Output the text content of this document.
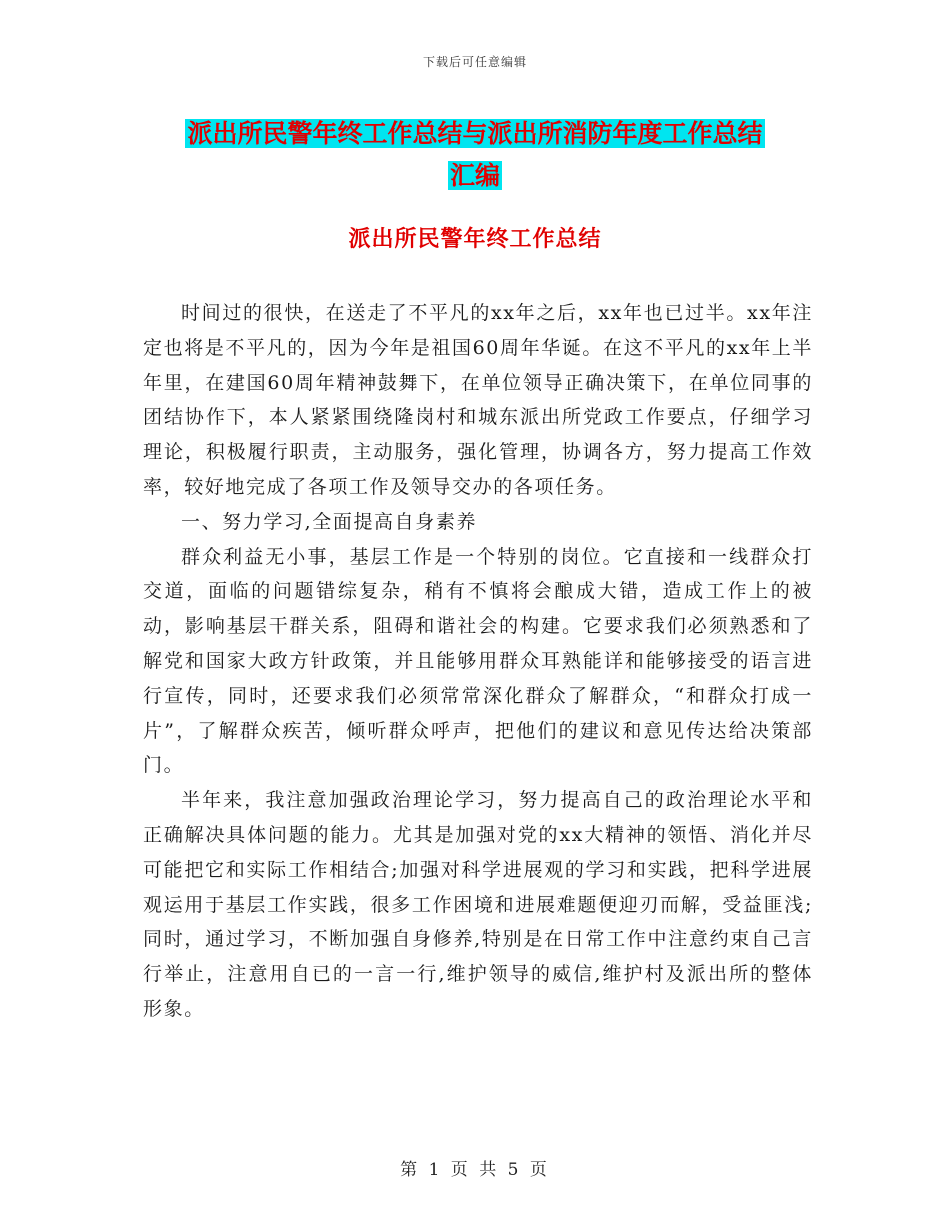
下载后可任意编辑
派出所民警年终工作总结与派出所消防年度工作总结
汇编
派出所民警年终工作总结

时间过的很快，在送走了不平凡的xx年之后，xx年也已过半。xx年注定也将是不平凡的，因为今年是祖国60周年华诞。在这不平凡的xx年上半年里，在建国60周年精神鼓舞下，在单位领导正确决策下，在单位同事的团结协作下，本人紧紧围绕隆岗村和城东派出所党政工作要点，仔细学习理论，积极履行职责，主动服务，强化管理，协调各方，努力提高工作效率，较好地完成了各项工作及领导交办的各项任务。

一、努力学习,全面提高自身素养

群众利益无小事，基层工作是一个特别的岗位。它直接和一线群众打交道，面临的问题错综复杂，稍有不慎将会酿成大错，造成工作上的被动，影响基层干群关系，阻碍和谐社会的构建。它要求我们必须熟悉和了解党和国家大政方针政策，并且能够用群众耳熟能详和能够接受的语言进行宣传，同时，还要求我们必须常常深化群众了解群众，“和群众打成一片”，了解群众疾苦，倾听群众呼声，把他们的建议和意见传达给决策部门。

半年来，我注意加强政治理论学习，努力提高自己的政治理论水平和正确解决具体问题的能力。尤其是加强对党的xx大精神的领悟、消化并尽可能把它和实际工作相结合;加强对科学进展观的学习和实践，把科学进展观运用于基层工作实践，很多工作困境和进展难题便迎刃而解，受益匪浅;同时，通过学习，不断加强自身修养,特别是在日常工作中注意约束自己言行举止，注意用自已的一言一行,维护领导的威信,维护村及派出所的整体形象。

第 1 页 共 5 页
